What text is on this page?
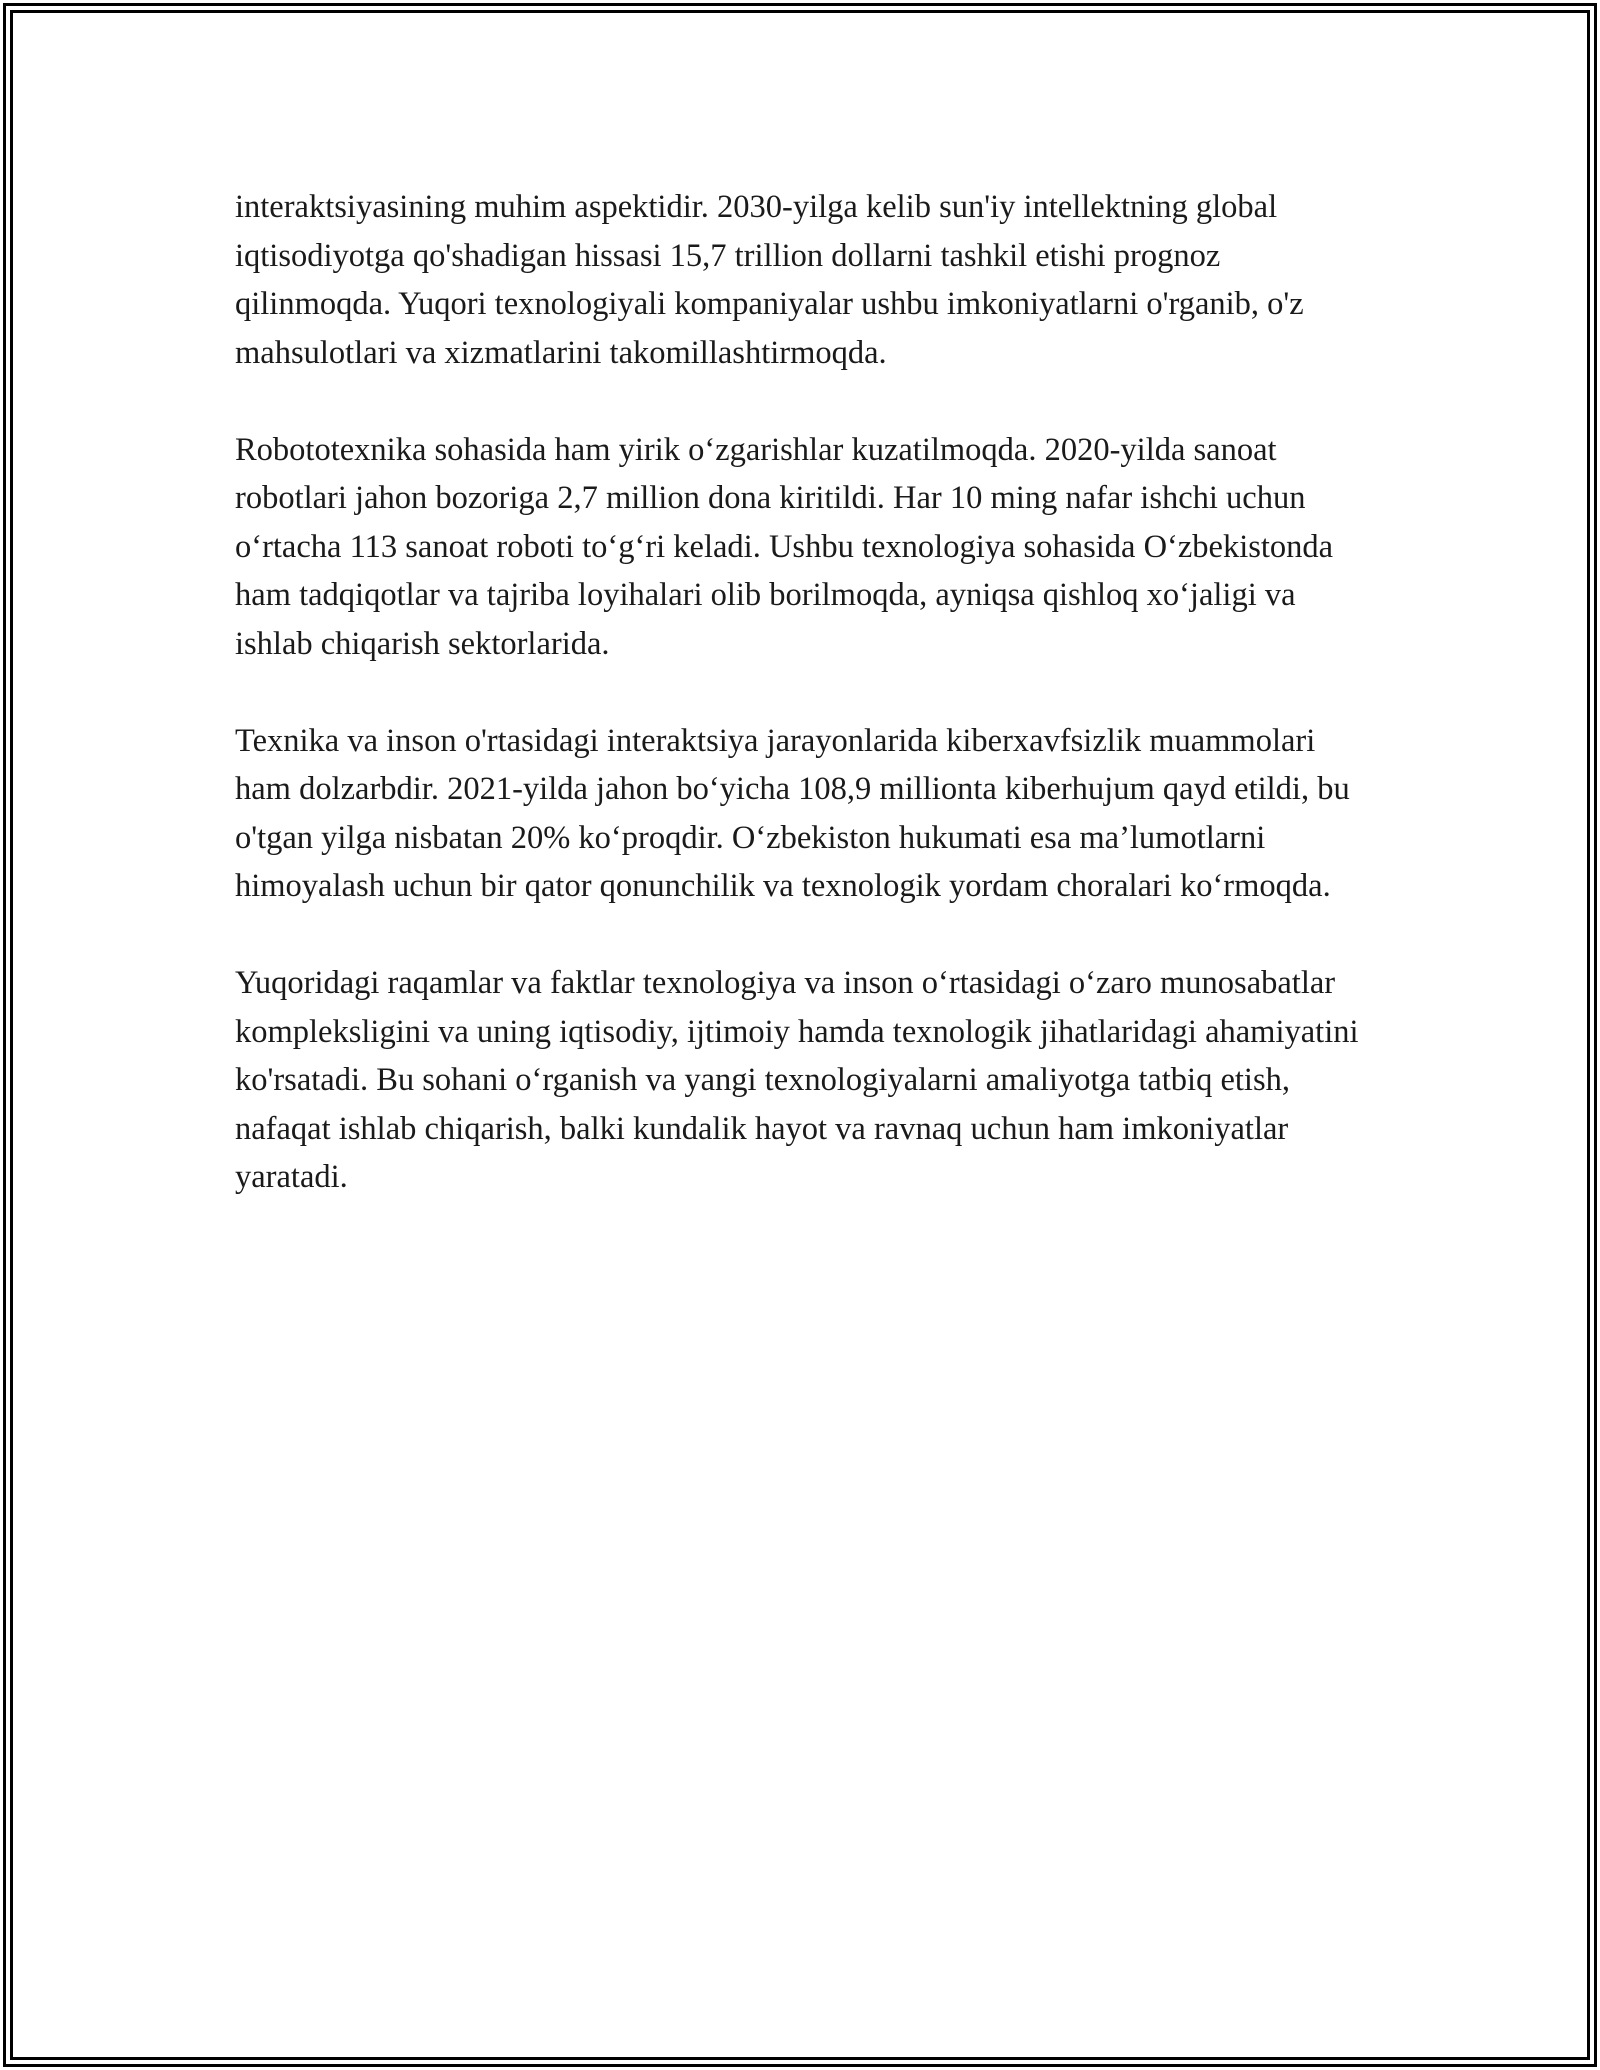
interaktsiyasining muhim aspektidir. 2030-yilga kelib sun'iy intellektning global iqtisodiyotga qo'shadigan hissasi 15,7 trillion dollarni tashkil etishi prognoz qilinmoqda. Yuqori texnologiyali kompaniyalar ushbu imkoniyatlarni o'rganib, o'z mahsulotlari va xizmatlarini takomillashtirmoqda.

Robototexnika sohasida ham yirik oʻzgarishlar kuzatilmoqda. 2020-yilda sanoat robotlari jahon bozoriga 2,7 million dona kiritildi. Har 10 ming nafar ishchi uchun oʻrtacha 113 sanoat roboti toʻgʻri keladi. Ushbu texnologiya sohasida Oʻzbekistonda ham tadqiqotlar va tajriba loyihalari olib borilmoqda, ayniqsa qishloq xoʻjaligi va ishlab chiqarish sektorlarida.

Texnika va inson o'rtasidagi interaktsiya jarayonlarida kiberxavfsizlik muammolari ham dolzarbdir. 2021-yilda jahon boʻyicha 108,9 millionta kiberhujum qayd etildi, bu o'tgan yilga nisbatan 20% koʻproqdir. Oʻzbekiston hukumati esa ma’lumotlarni himoyalash uchun bir qator qonunchilik va texnologik yordam choralari koʻrmoqda.

Yuqoridagi raqamlar va faktlar texnologiya va inson oʻrtasidagi oʻzaro munosabatlar kompleksligini va uning iqtisodiy, ijtimoiy hamda texnologik jihatlaridagi ahamiyatini ko'rsatadi. Bu sohani oʻrganish va yangi texnologiyalarni amaliyotga tatbiq etish, nafaqat ishlab chiqarish, balki kundalik hayot va ravnaq uchun ham imkoniyatlar yaratadi.
